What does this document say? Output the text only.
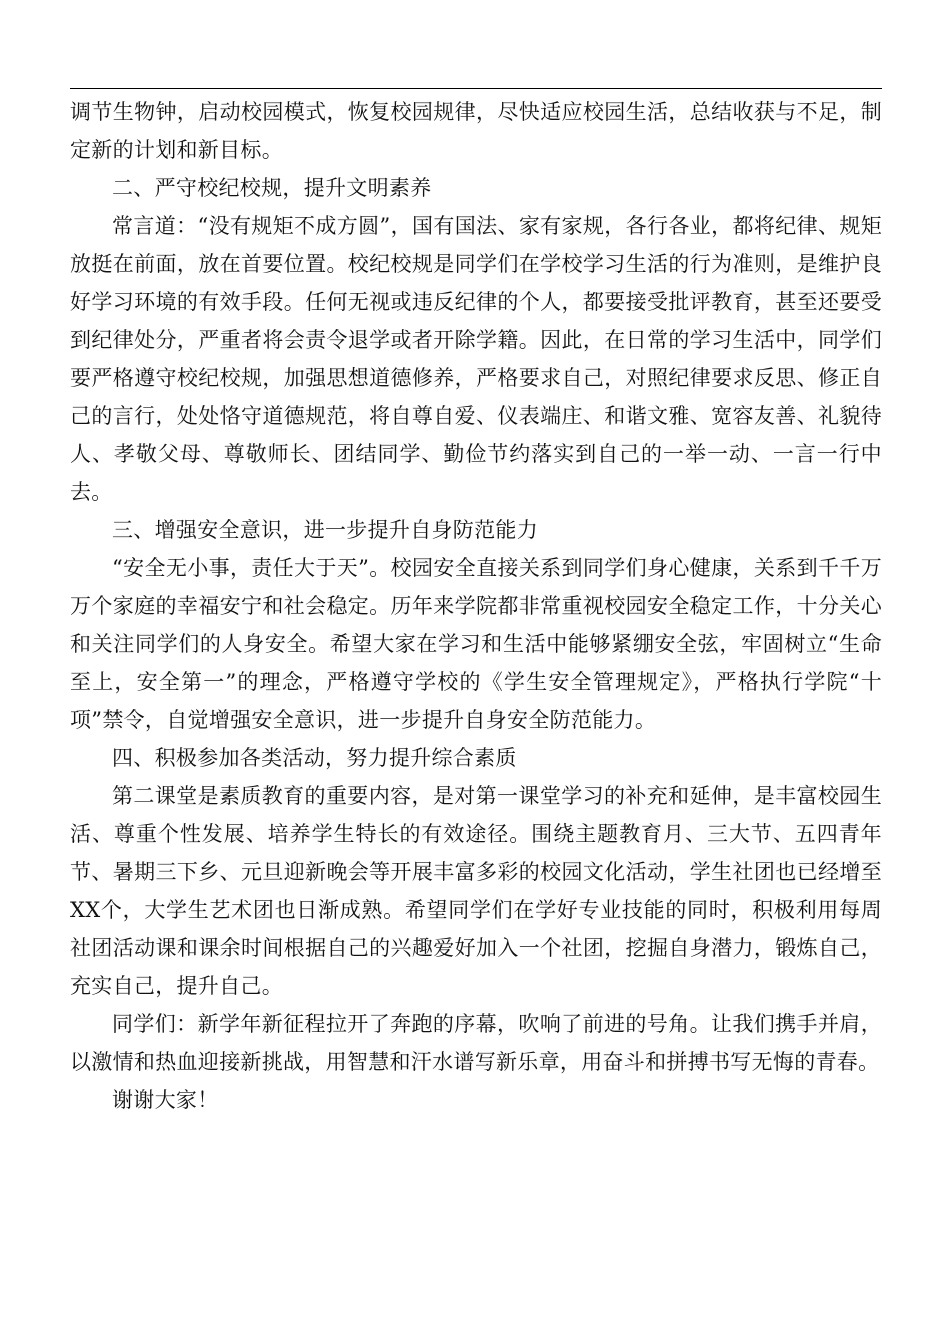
调节生物钟，启动校园模式，恢复校园规律，尽快适应校园生活，总结收获与不足，制定新的计划和新目标。

二、严守校纪校规，提升文明素养

常言道：“没有规矩不成方圆”，国有国法、家有家规，各行各业，都将纪律、规矩放挺在前面，放在首要位置。校纪校规是同学们在学校学习生活的行为准则，是维护良好学习环境的有效手段。任何无视或违反纪律的个人，都要接受批评教育，甚至还要受到纪律处分，严重者将会责令退学或者开除学籍。因此，在日常的学习生活中，同学们要严格遵守校纪校规，加强思想道德修养，严格要求自己，对照纪律要求反思、修正自己的言行，处处恪守道德规范，将自尊自爱、仪表端庄、和谐文雅、宽容友善、礼貌待人、孝敬父母、尊敬师长、团结同学、勤俭节约落实到自己的一举一动、一言一行中去。

三、增强安全意识，进一步提升自身防范能力

“安全无小事，责任大于天”。校园安全直接关系到同学们身心健康，关系到千千万万个家庭的幸福安宁和社会稳定。历年来学院都非常重视校园安全稳定工作，十分关心和关注同学们的人身安全。希望大家在学习和生活中能够紧绷安全弦，牢固树立“生命至上，安全第一”的理念，严格遵守学校的《学生安全管理规定》，严格执行学院“十项”禁令，自觉增强安全意识，进一步提升自身安全防范能力。

四、积极参加各类活动，努力提升综合素质

第二课堂是素质教育的重要内容，是对第一课堂学习的补充和延伸，是丰富校园生活、尊重个性发展、培养学生特长的有效途径。围绕主题教育月、三大节、五四青年节、暑期三下乡、元旦迎新晚会等开展丰富多彩的校园文化活动，学生社团也已经增至XX个，大学生艺术团也日渐成熟。希望同学们在学好专业技能的同时，积极利用每周社团活动课和课余时间根据自己的兴趣爱好加入一个社团，挖掘自身潜力，锻炼自己，充实自己，提升自己。

同学们：新学年新征程拉开了奔跑的序幕，吹响了前进的号角。让我们携手并肩，以激情和热血迎接新挑战，用智慧和汗水谱写新乐章，用奋斗和拼搏书写无悔的青春。

谢谢大家！
